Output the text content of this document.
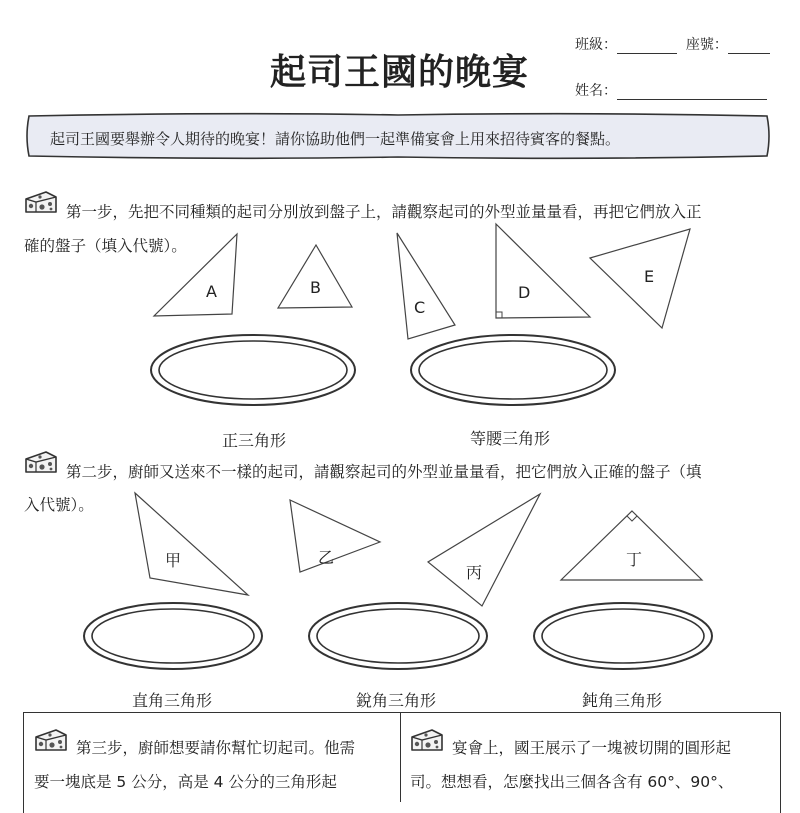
起司王國的晚宴
班級：	座號：
姓名：
起司王國要舉辦令人期待的晚宴！請你協助他們一起準備宴會上用來招待賓客的餐點。
第一步，先把不同種類的起司分別放到盤子上，請觀察起司的外型並量量看，再把它們放入正
確的盤子（填入代號）。
A	B
C
D
E
正三角形	等腰三角形
第二步，廚師又送來不一樣的起司，請觀察起司的外型並量量看，把它們放入正確的盤子（填
入代號）。
甲	乙
丙
丁
直角三角形	銳角三角形	鈍角三角形
第三步，廚師想要請你幫忙切起司。他需
要一塊底是 5 公分，高是 4 公分的三角形起
宴會上，國王展示了一塊被切開的圓形起
司。想想看，怎麼找出三個各含有 60°、90°、
